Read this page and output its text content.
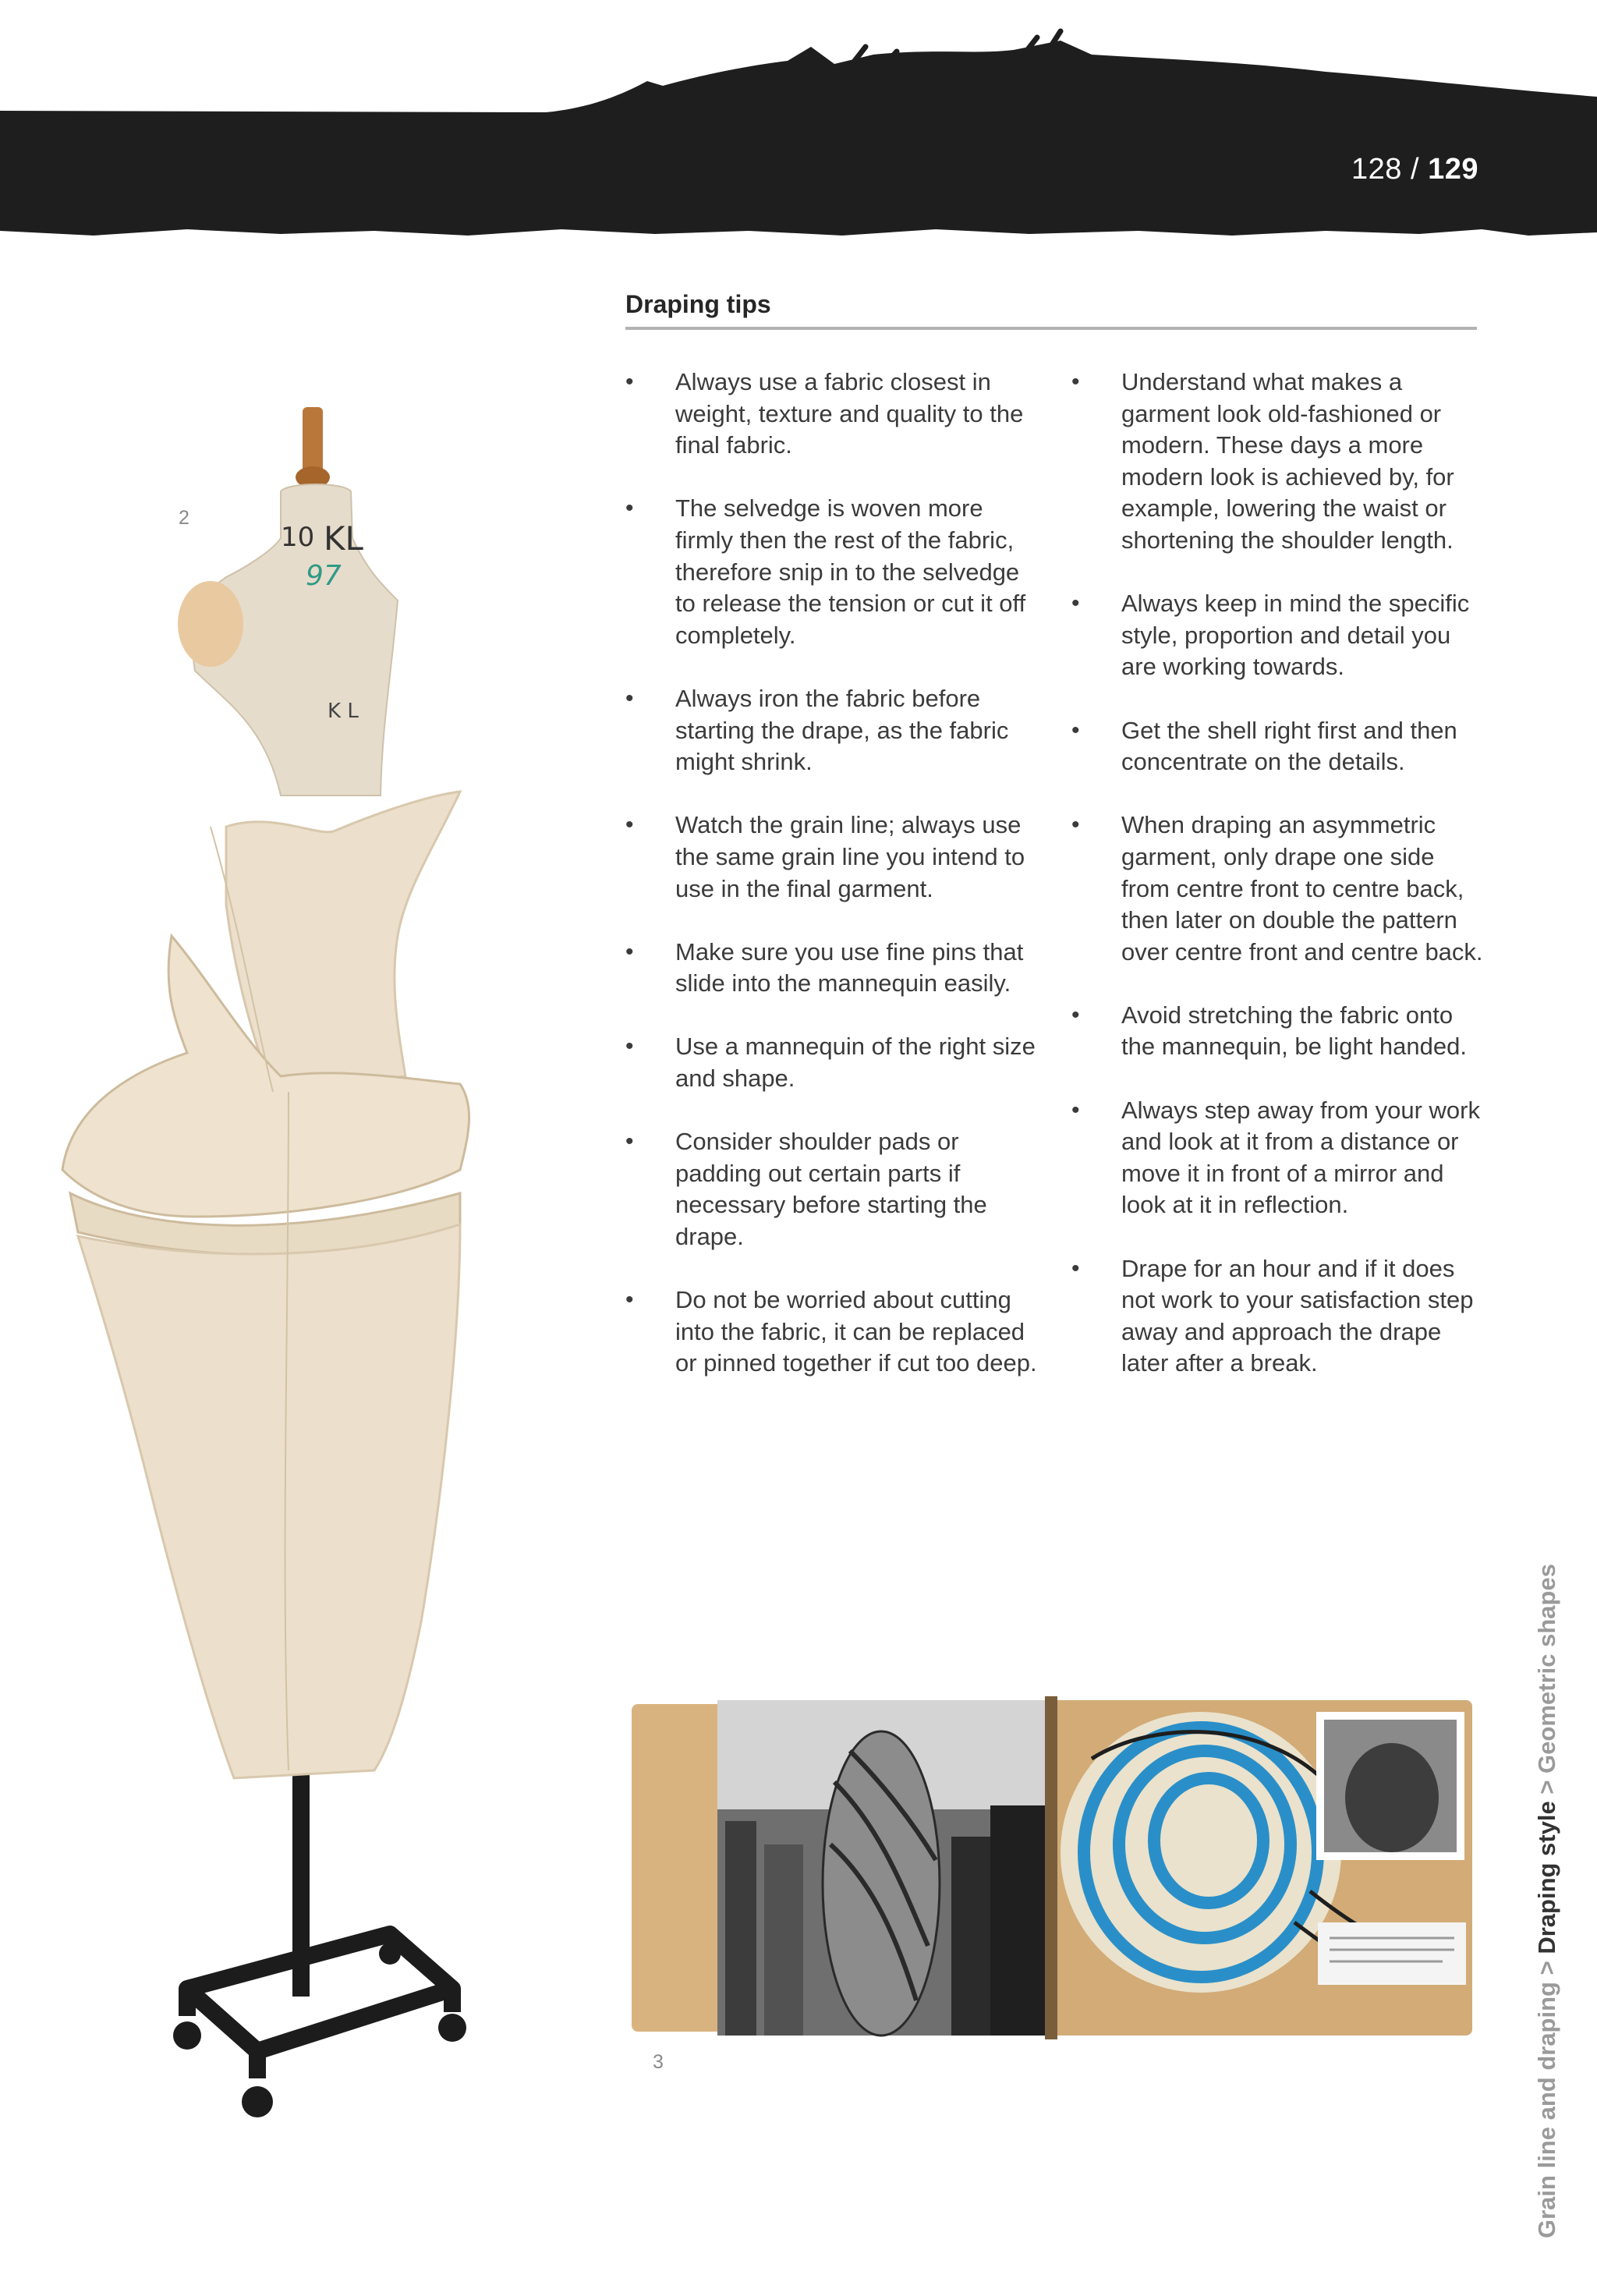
128 / 129
Draping tips
• Always use a fabric closest in weight, texture and quality to the final fabric.
• The selvedge is woven more firmly then the rest of the fabric, therefore snip in to the selvedge to release the tension or cut it off completely.
• Always iron the fabric before starting the drape, as the fabric might shrink.
• Watch the grain line; always use the same grain line you intend to use in the final garment.
• Make sure you use fine pins that slide into the mannequin easily.
• Use a mannequin of the right size and shape.
• Consider shoulder pads or padding out certain parts if necessary before starting the drape.
• Do not be worried about cutting into the fabric, it can be replaced or pinned together if cut too deep.
• Understand what makes a garment look old-fashioned or modern. These days a more modern look is achieved by, for example, lowering the waist or shortening the shoulder length.
• Always keep in mind the specific style, proportion and detail you are working towards.
• Get the shell right first and then concentrate on the details.
• When draping an asymmetric garment, only drape one side from centre front to centre back, then later on double the pattern over centre front and centre back.
• Avoid stretching the fabric onto the mannequin, be light handed.
• Always step away from your work and look at it from a distance or move it in front of a mirror and look at it in reflection.
• Drape for an hour and if it does not work to your satisfaction step away and approach the drape later after a break.
2
3
10 KL
97
K L
Grain line and draping > Draping style > Geometric shapes
